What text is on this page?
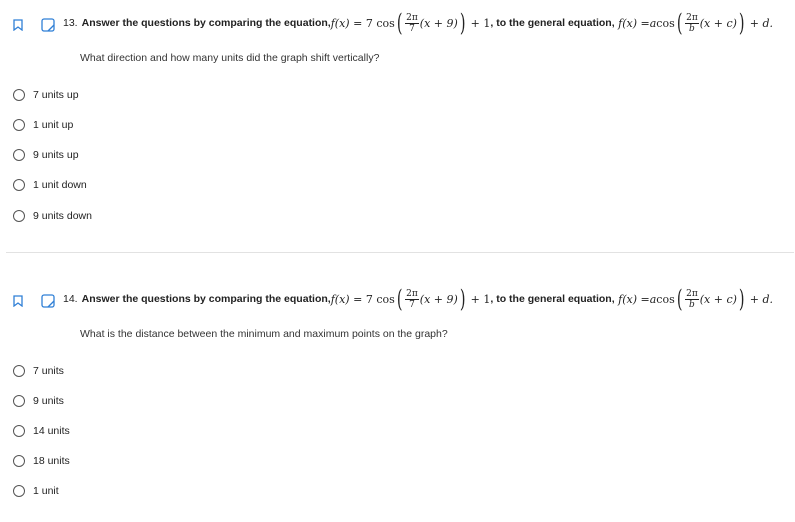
13. Answer the questions by comparing the equation, f(x) =
7
cos ( $\frac{2\pi}{7} (x + 9)$ )
+ 1 , to the general equation,
f(x) = a cos ( $\frac{2\pi}{b} (x + c)$ )
+ d.
What direction and how many units did the graph shift vertically?
7 units up
1 unit up
9 units up
1 unit down
9 units down
14. Answer the questions by comparing the equation, f(x) =
7
cos ( $\frac{2\pi}{7} (x + 9)$ )
+ 1 , to the general equation,
f(x) = a cos ( $\frac{2\pi}{b} (x + c)$ )
+ d.
What is the distance between the minimum and maximum points on the graph?
7 units
9 units
14 units
18 units
1 unit
